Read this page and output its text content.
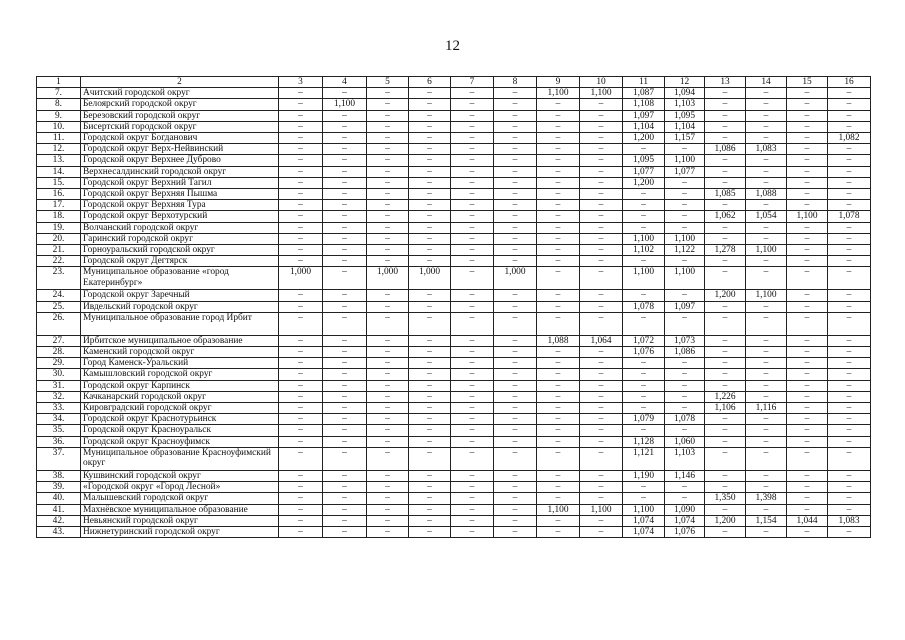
12
1	2	3	4	5	6	7	8	9	10	11	12	13	14	15	16
7.	Ачитский городской округ	–	–	–	–	–	–	1,100	1,100	1,087	1,094	–	–	–	–
8.	Белоярский городской округ	–	1,100	–	–	–	–	–	–	1,108	1,103	–	–	–	–
9.	Березовский городской округ	–	–	–	–	–	–	–	–	1,097	1,095	–	–	–	–
10.	Бисертский городской округ	–	–	–	–	–	–	–	–	1,104	1,104	–	–	–	–
11.	Городской округ Богданович	–	–	–	–	–	–	–	–	1,200	1,157	–	–	–	1,082
12.	Городской округ Верх-Нейвинский	–	–	–	–	–	–	–	–	–	–	1,086	1,083	–	–
13.	Городской округ Верхнее Дуброво	–	–	–	–	–	–	–	–	1,095	1,100	–	–	–	–
14.	Верхнесалдинский городской округ	–	–	–	–	–	–	–	–	1,077	1,077	–	–	–	–
15.	Городской округ Верхний Тагил	–	–	–	–	–	–	–	–	1,200	–	–	–	–	–
16.	Городской округ Верхняя Пышма	–	–	–	–	–	–	–	–	–	–	1,085	1,088	–	–
17.	Городской округ Верхняя Тура	–	–	–	–	–	–	–	–	–	–	–	–	–	–
18.	Городской округ Верхотурский	–	–	–	–	–	–	–	–	–	–	1,062	1,054	1,100	1,078
19.	Волчанский городской округ	–	–	–	–	–	–	–	–	–	–	–	–	–	–
20.	Гаринский городской округ	–	–	–	–	–	–	–	–	1,100	1,100	–	–	–	–
21.	Горноуральский городской округ	–	–	–	–	–	–	–	–	1,102	1,122	1,278	1,100	–	–
22.	Городской округ Дегтярск	–	–	–	–	–	–	–	–	–	–	–	–	–	–
23.	Муниципальное образование «город Екатеринбург»	1,000	–	1,000	1,000	–	1,000	–	–	1,100	1,100	–	–	–	–
24.	Городской округ Заречный	–	–	–	–	–	–	–	–	–	–	1,200	1,100	–	–
25.	Ивдельский городской округ	–	–	–	–	–	–	–	–	1,078	1,097	–	–	–	–
26.	Муниципальное образование город Ирбит	–	–	–	–	–	–	–	–	–	–	–	–	–	–
27.	Ирбитское муниципальное образование	–	–	–	–	–	–	1,088	1,064	1,072	1,073	–	–	–	–
28.	Каменский городской округ	–	–	–	–	–	–	–	–	1,076	1,086	–	–	–	–
29.	Город Каменск-Уральский	–	–	–	–	–	–	–	–	–	–	–	–	–	–
30.	Камышловский городской округ	–	–	–	–	–	–	–	–	–	–	–	–	–	–
31.	Городской округ Карпинск	–	–	–	–	–	–	–	–	–	–	–	–	–	–
32.	Качканарский городской округ	–	–	–	–	–	–	–	–	–	–	1,226	–	–	–
33.	Кировградский городской округ	–	–	–	–	–	–	–	–	–	–	1,106	1,116	–	–
34.	Городской округ Краснотурьинск	–	–	–	–	–	–	–	–	1,079	1,078	–	–	–	–
35.	Городской округ Красноуральск	–	–	–	–	–	–	–	–	–	–	–	–	–	–
36.	Городской округ Красноуфимск	–	–	–	–	–	–	–	–	1,128	1,060	–	–	–	–
37.	Муниципальное образование Красноуфимский округ	–	–	–	–	–	–	–	–	1,121	1,103	–	–	–	–
38.	Кушвинский городской округ	–	–	–	–	–	–	–	–	1,190	1,146	–	–	–	–
39.	«Городской округ «Город Лесной»	–	–	–	–	–	–	–	–	–	–	–	–	–	–
40.	Малышевский городской округ	–	–	–	–	–	–	–	–	–	–	1,350	1,398	–	–
41.	Махнёвское муниципальное образование	–	–	–	–	–	–	1,100	1,100	1,100	1,090	–	–	–	–
42.	Невьянский городской округ	–	–	–	–	–	–	–	–	1,074	1,074	1,200	1,154	1,044	1,083
43.	Нижнетуринский городской округ	–	–	–	–	–	–	–	–	1,074	1,076	–	–	–	–
